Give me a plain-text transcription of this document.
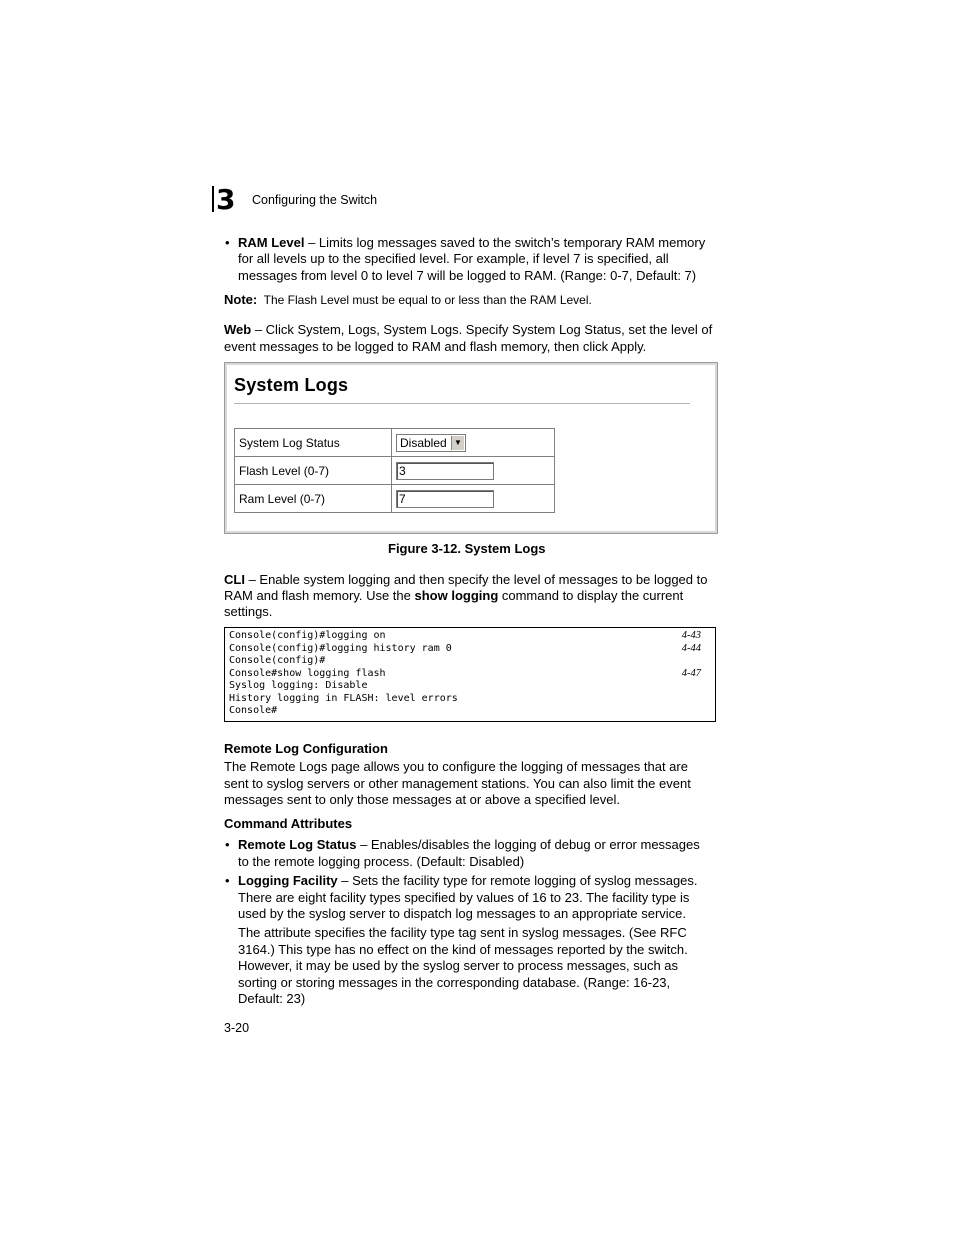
3	Configuring the Switch
• RAM Level – Limits log messages saved to the switch’s temporary RAM memory
for all levels up to the specified level. For example, if level 7 is specified, all
messages from level 0 to level 7 will be logged to RAM. (Range: 0-7, Default: 7)
Note: The Flash Level must be equal to or less than the RAM Level.
Web – Click System, Logs, System Logs. Specify System Log Status, set the level of
event messages to be logged to RAM and flash memory, then click Apply.
System Logs
System Log Status	Disabled ▼

Flash Level (0-7)	3
Ram Level (0-7)	7
Figure 3-12. System Logs
CLI – Enable system logging and then specify the level of messages to be logged to
RAM and flash memory. Use the show logging command to display the current
settings.
Console(config)#logging on	4-43
Console(config)#logging history ram 0	4-44
Console(config)#
Console#show logging flash	4-47
Syslog logging: Disable
History logging in FLASH: level errors
Console#
Remote Log Configuration
The Remote Logs page allows you to configure the logging of messages that are
sent to syslog servers or other management stations. You can also limit the event
messages sent to only those messages at or above a specified level.
Command Attributes
• Remote Log Status – Enables/disables the logging of debug or error messages
to the remote logging process. (Default: Disabled)
• Logging Facility – Sets the facility type for remote logging of syslog messages.
There are eight facility types specified by values of 16 to 23. The facility type is
used by the syslog server to dispatch log messages to an appropriate service.
The attribute specifies the facility type tag sent in syslog messages. (See RFC
3164.) This type has no effect on the kind of messages reported by the switch.
However, it may be used by the syslog server to process messages, such as
sorting or storing messages in the corresponding database. (Range: 16-23,
Default: 23)
3-20
